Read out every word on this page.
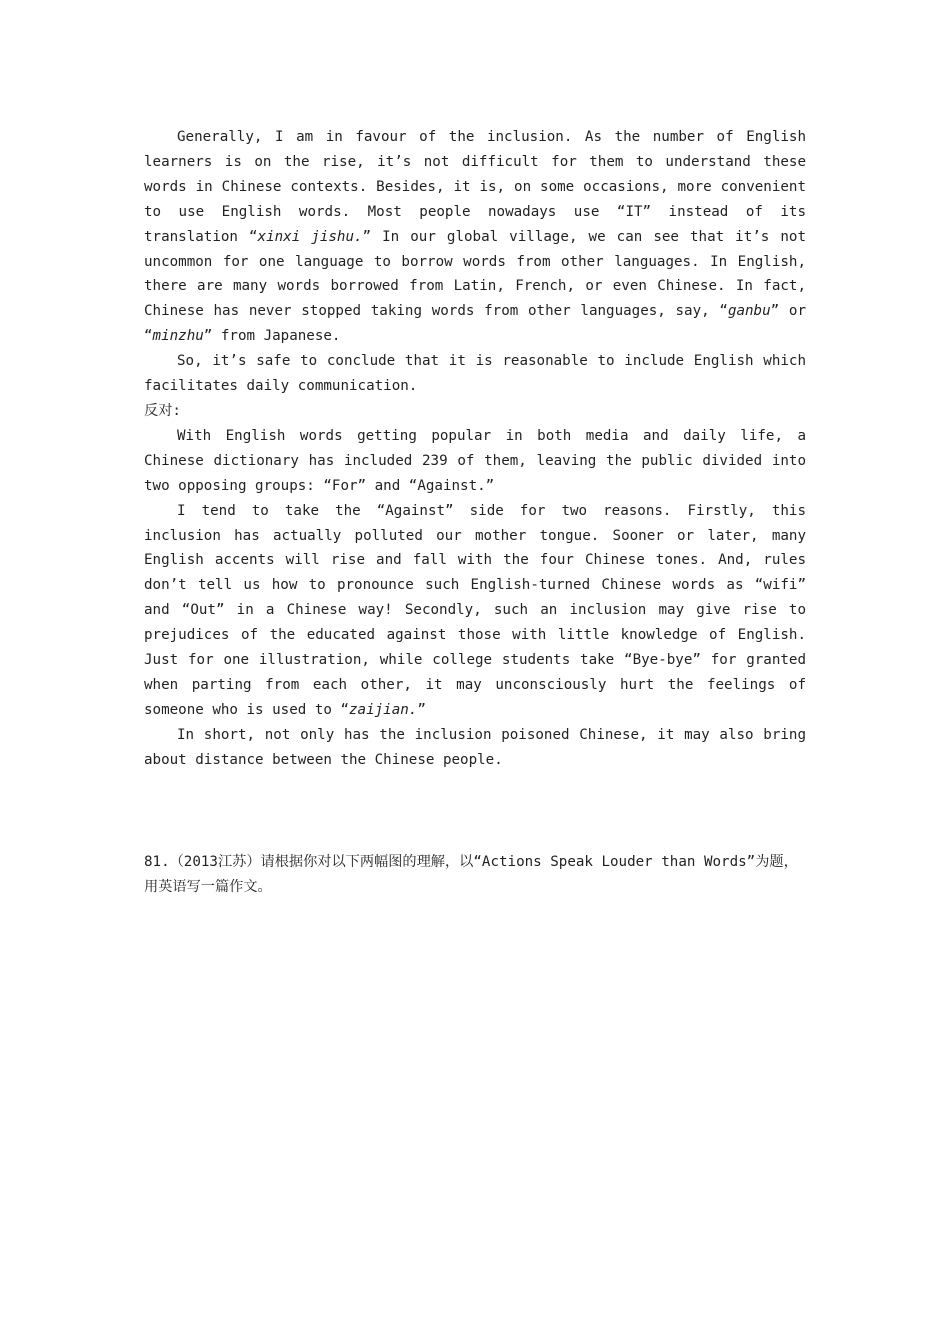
Generally, I am in favour of the inclusion. As the number of English learners is on the rise, it’s not difficult for them to understand these words in Chinese contexts. Besides, it is, on some occasions, more convenient to use English words. Most people nowadays use “IT” instead of its translation “xinxi jishu.” In our global village, we can see that it’s not uncommon for one language to borrow words from other languages. In English, there are many words borrowed from Latin, French, or even Chinese. In fact, Chinese has never stopped taking words from other languages, say, “ganbu” or “minzhu” from Japanese.

So, it’s safe to conclude that it is reasonable to include English which facilitates daily communication.

反对:

With English words getting popular in both media and daily life, a Chinese dictionary has included 239 of them, leaving the public divided into two opposing groups: “For” and “Against.”

I tend to take the “Against” side for two reasons. Firstly, this inclusion has actually polluted our mother tongue. Sooner or later, many English accents will rise and fall with the four Chinese tones. And, rules don’t tell us how to pronounce such English-turned Chinese words as “wifi” and “Out” in a Chinese way! Secondly, such an inclusion may give rise to prejudices of the educated against those with little knowledge of English. Just for one illustration, while college students take “Bye-bye” for granted when parting from each other, it may unconsciously hurt the feelings of someone who is used to “zaijian.”

In short, not only has the inclusion poisoned Chinese, it may also bring about distance between the Chinese people.

81.（2013江苏）请根据你对以下两幅图的理解，以“Actions Speak Louder than Words”为题，用英语写一篇作文。
